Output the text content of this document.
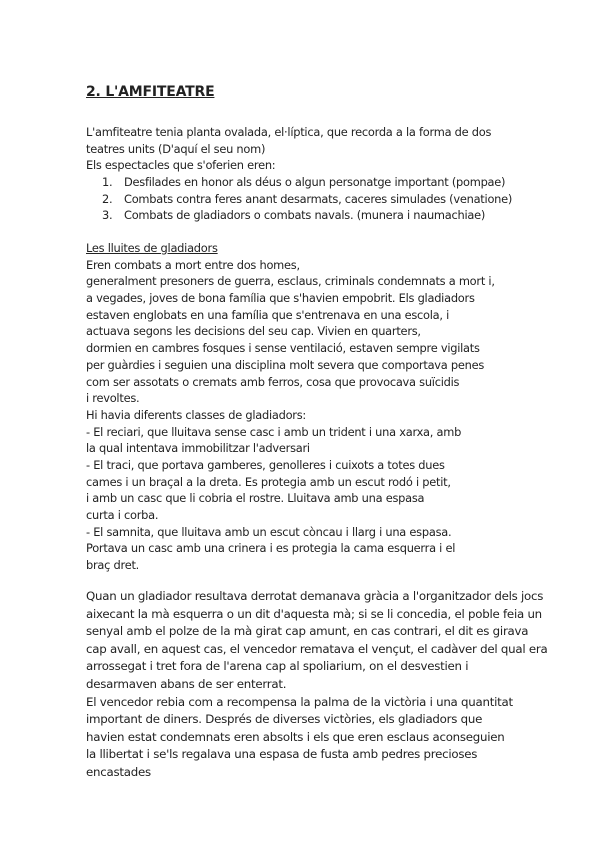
2. L'AMFITEATRE
L'amfiteatre tenia planta ovalada, el·líptica, que recorda a la forma de dos
teatres units (D'aquí el seu nom)
Els espectacles que s'oferien eren:
1. Desfilades en honor als déus o algun personatge important (pompae)
2. Combats contra feres anant desarmats, caceres simulades (venatione)
3. Combats de gladiadors o combats navals. (munera i naumachiae)
Les lluites de gladiadors
Eren combats a mort entre dos homes,
generalment presoners de guerra, esclaus, criminals condemnats a mort i,
a vegades, joves de bona família que s'havien empobrit. Els gladiadors
estaven englobats en una família que s'entrenava en una escola, i
actuava segons les decisions del seu cap. Vivien en quarters,
dormien en cambres fosques i sense ventilació, estaven sempre vigilats
per guàrdies i seguien una disciplina molt severa que comportava penes
com ser assotats o cremats amb ferros, cosa que provocava suïcidis
i revoltes.
Hi havia diferents classes de gladiadors:
- El reciari, que lluitava sense casc i amb un trident i una xarxa, amb
la qual intentava immobilitzar l'adversari
- El traci, que portava gamberes, genolleres i cuixots a totes dues
cames i un braçal a la dreta. Es protegia amb un escut rodó i petit,
i amb un casc que li cobria el rostre. Lluitava amb una espasa
curta i corba.
- El samnita, que lluitava amb un escut còncau i llarg i una espasa.
Portava un casc amb una crinera i es protegia la cama esquerra i el
braç dret.
Quan un gladiador resultava derrotat demanava gràcia a l'organitzador dels jocs
aixecant la mà esquerra o un dit d'aquesta mà; si se li concedia, el poble feia un
senyal amb el polze de la mà girat cap amunt, en cas contrari, el dit es girava
cap avall, en aquest cas, el vencedor rematava el vençut, el cadàver del qual era
arrossegat i tret fora de l'arena cap al spoliarium, on el desvestien i
desarmaven abans de ser enterrat.
El vencedor rebia com a recompensa la palma de la victòria i una quantitat
important de diners. Després de diverses victòries, els gladiadors que
havien estat condemnats eren absolts i els que eren esclaus aconseguien
la llibertat i se'ls regalava una espasa de fusta amb pedres precioses
encastades
